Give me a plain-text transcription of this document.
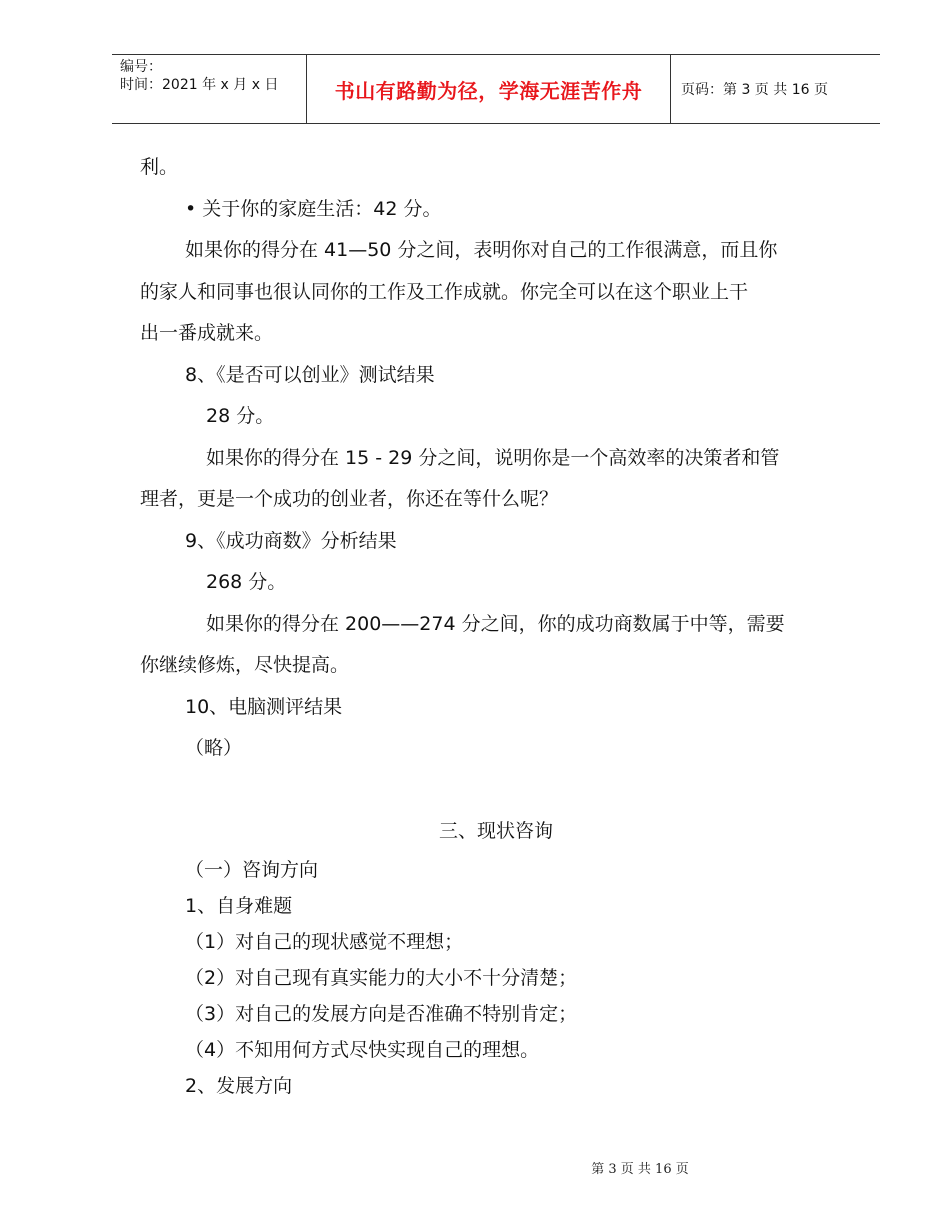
编号：
时间：2021 年 x 月 x 日	书山有路勤为径，学海无涯苦作舟	页码：第 3 页 共 16 页
利。
• 关于你的家庭生活：42 分。
如果你的得分在 41—50 分之间，表明你对自己的工作很满意，而且你
的家人和同事也很认同你的工作及工作成就。你完全可以在这个职业上干
出一番成就来。
8、《是否可以创业》测试结果
28 分。
如果你的得分在 15 - 29 分之间，说明你是一个高效率的决策者和管
理者，更是一个成功的创业者，你还在等什么呢？
9、《成功商数》分析结果
268 分。
如果你的得分在 200——274 分之间，你的成功商数属于中等，需要
你继续修炼，尽快提高。
10、电脑测评结果
（略）
三、现状咨询
（一）咨询方向
1、自身难题
（1）对自己的现状感觉不理想；
（2）对自己现有真实能力的大小不十分清楚；
（3）对自己的发展方向是否准确不特别肯定；
（4）不知用何方式尽快实现自己的理想。
2、发展方向
第 3 页 共 16 页
